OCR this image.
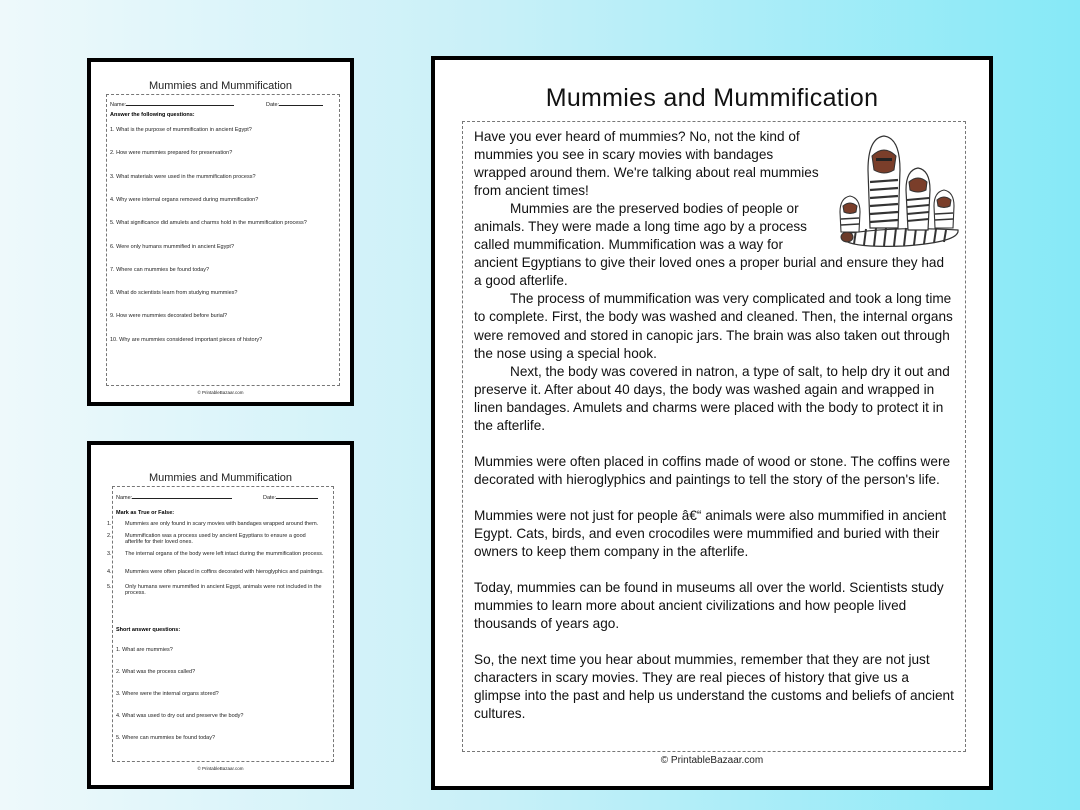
Mummies and Mummification
Name:	Date:
Answer the following questions:
1. What is the purpose of mummification in ancient Egypt?
2. How were mummies prepared for preservation?
3. What materials were used in the mummification process?
4. Why were internal organs removed during mummification?
5. What significance did amulets and charms hold in the mummification process?
6. Were only humans mummified in ancient Egypt?
7. Where can mummies be found today?
8. What do scientists learn from studying mummies?
9. How were mummies decorated before burial?
10. Why are mummies considered important pieces of history?
© PrintableBazaar.com
Mummies and Mummification
Name:	Date:
Mark as True or False:
1. Mummies are only found in scary movies with bandages wrapped around them.
2. Mummification was a process used by ancient Egyptians to ensure a good afterlife for their loved ones.
3. The internal organs of the body were left intact during the mummification process.
4. Mummies were often placed in coffins decorated with hieroglyphics and paintings.
5. Only humans were mummified in ancient Egypt, animals were not included in the process.
Short answer questions:
1. What are mummies?
2. What was the process called?
3. Where were the internal organs stored?
4. What was used to dry out and preserve the body?
5. Where can mummies be found today?
© PrintableBazaar.com
Mummies and Mummification

Have you ever heard of mummies? No, not the kind of mummies you see in scary movies with bandages wrapped around them. We're talking about real mummies from ancient times!

Mummies are the preserved bodies of people or animals. They were made a long time ago by a process called mummification. Mummification was a way for ancient Egyptians to give their loved ones a proper burial and ensure they had a good afterlife.

The process of mummification was very complicated and took a long time to complete. First, the body was washed and cleaned. Then, the internal organs were removed and stored in canopic jars. The brain was also taken out through the nose using a special hook.

Next, the body was covered in natron, a type of salt, to help dry it out and preserve it. After about 40 days, the body was washed again and wrapped in linen bandages. Amulets and charms were placed with the body to protect it in the afterlife.

Mummies were often placed in coffins made of wood or stone. The coffins were decorated with hieroglyphics and paintings to tell the story of the person's life.

Mummies were not just for people â€“ animals were also mummified in ancient Egypt. Cats, birds, and even crocodiles were mummified and buried with their owners to keep them company in the afterlife.

Today, mummies can be found in museums all over the world. Scientists study mummies to learn more about ancient civilizations and how people lived thousands of years ago.

So, the next time you hear about mummies, remember that they are not just characters in scary movies. They are real pieces of history that give us a glimpse into the past and help us understand the customs and beliefs of ancient cultures.

© PrintableBazaar.com
